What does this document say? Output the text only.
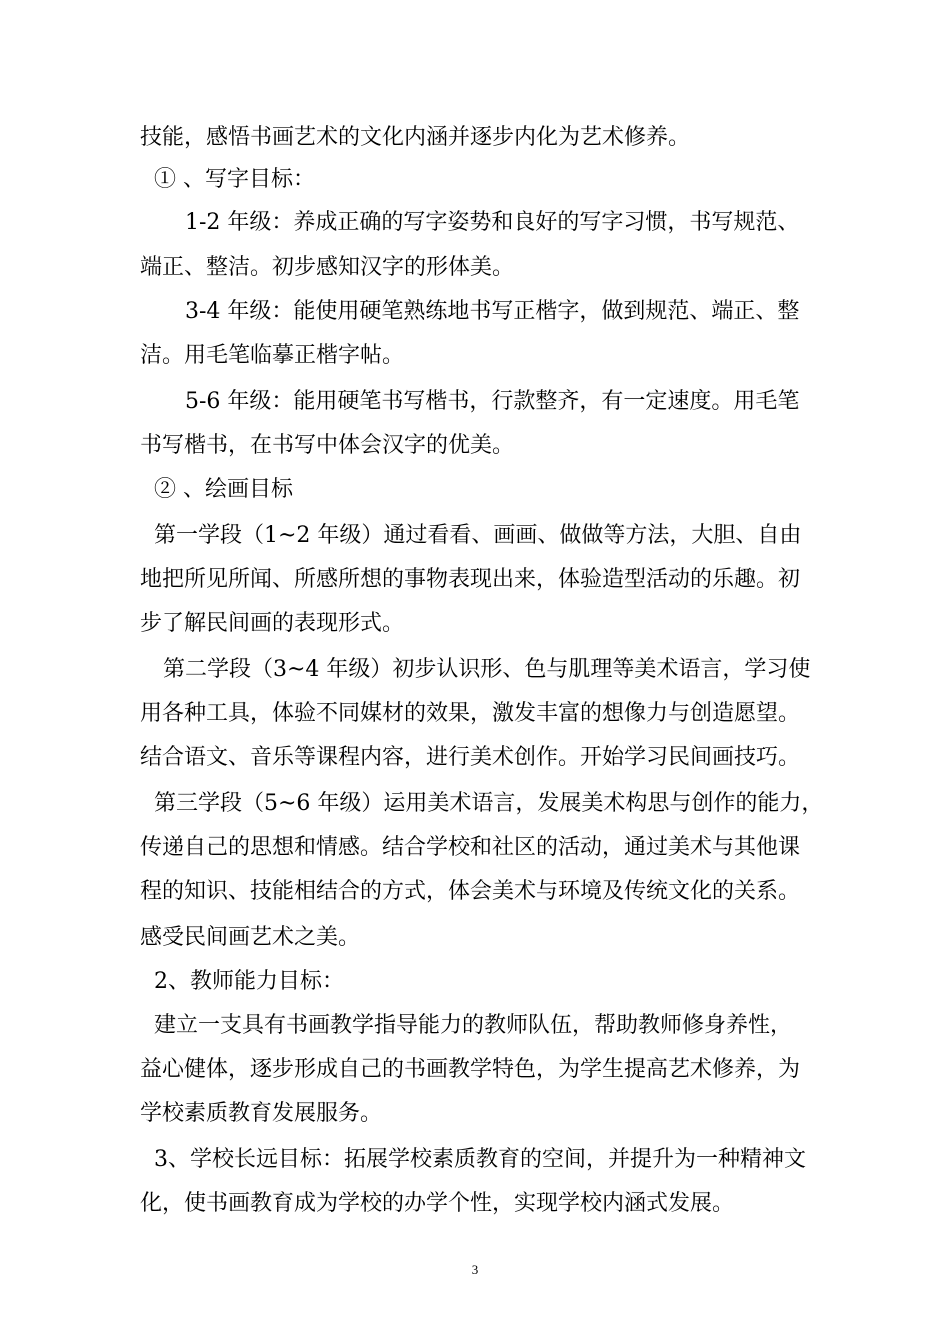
技能，感悟书画艺术的文化内涵并逐步内化为艺术修养。
① 、写字目标：
1-2 年级：养成正确的写字姿势和良好的写字习惯，书写规范、
端正、整洁。初步感知汉字的形体美。
3-4 年级：能使用硬笔熟练地书写正楷字，做到规范、端正、整
洁。用毛笔临摹正楷字帖。
5-6 年级：能用硬笔书写楷书，行款整齐，有一定速度。用毛笔
书写楷书，在书写中体会汉字的优美。
② 、绘画目标
第一学段（1~2 年级）通过看看、画画、做做等方法，大胆、自由
地把所见所闻、所感所想的事物表现出来，体验造型活动的乐趣。初
步了解民间画的表现形式。
第二学段（3~4 年级）初步认识形、色与肌理等美术语言，学习使
用各种工具，体验不同媒材的效果，激发丰富的想像力与创造愿望。
结合语文、音乐等课程内容，进行美术创作。开始学习民间画技巧。
第三学段（5~6 年级）运用美术语言，发展美术构思与创作的能力，
传递自己的思想和情感。结合学校和社区的活动，通过美术与其他课
程的知识、技能相结合的方式，体会美术与环境及传统文化的关系。
感受民间画艺术之美。
2、教师能力目标：
建立一支具有书画教学指导能力的教师队伍，帮助教师修身养性，
益心健体，逐步形成自己的书画教学特色，为学生提高艺术修养，为
学校素质教育发展服务。
3、学校长远目标：拓展学校素质教育的空间，并提升为一种精神文
化，使书画教育成为学校的办学个性，实现学校内涵式发展。
3
